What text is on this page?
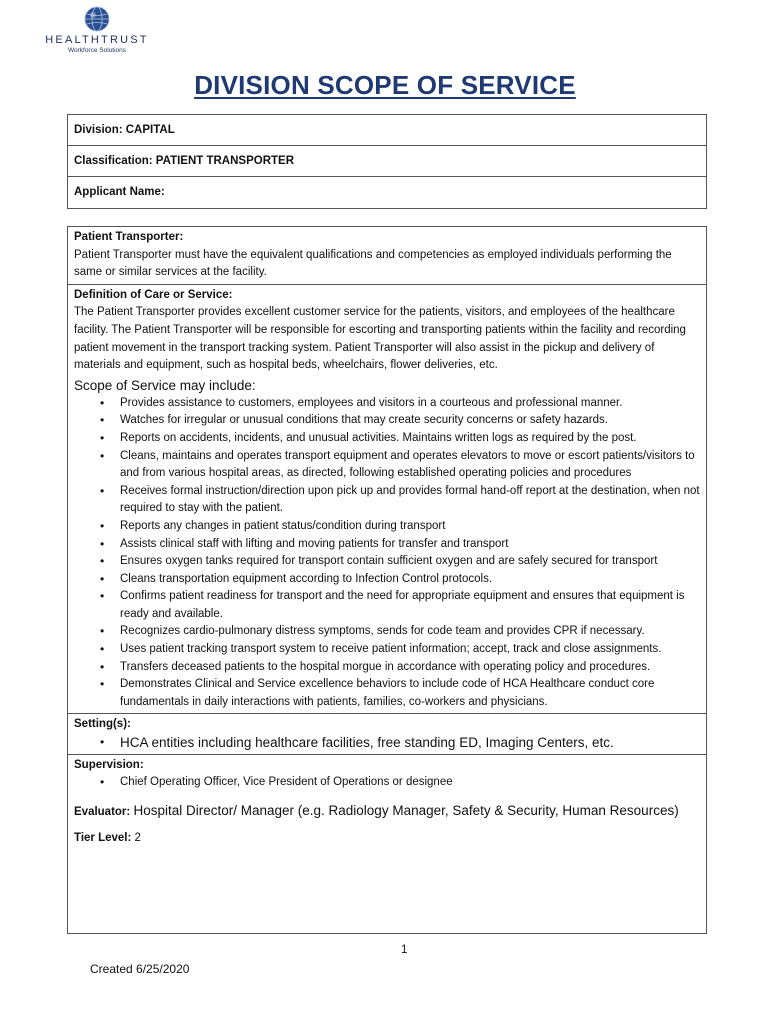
HEALTHTRUST
Workforce Solutions
DIVISION SCOPE OF SERVICE
Division: CAPITAL
Classification: PATIENT TRANSPORTER
Applicant Name:
Patient Transporter:
Patient Transporter must have the equivalent qualifications and competencies as employed individuals performing the same or similar services at the facility.
Definition of Care or Service:
The Patient Transporter provides excellent customer service for the patients, visitors, and employees of the healthcare facility. The Patient Transporter will be responsible for escorting and transporting patients within the facility and recording patient movement in the transport tracking system. Patient Transporter will also assist in the pickup and delivery of materials and equipment, such as hospital beds, wheelchairs, flower deliveries, etc.
Scope of Service may include:
• Provides assistance to customers, employees and visitors in a courteous and professional manner.
• Watches for irregular or unusual conditions that may create security concerns or safety hazards.
• Reports on accidents, incidents, and unusual activities. Maintains written logs as required by the post.
• Cleans, maintains and operates transport equipment and operates elevators to move or escort patients/visitors to and from various hospital areas, as directed, following established operating policies and procedures
• Receives formal instruction/direction upon pick up and provides formal hand-off report at the destination, when not required to stay with the patient.
• Reports any changes in patient status/condition during transport
• Assists clinical staff with lifting and moving patients for transfer and transport
• Ensures oxygen tanks required for transport contain sufficient oxygen and are safely secured for transport
• Cleans transportation equipment according to Infection Control protocols.
• Confirms patient readiness for transport and the need for appropriate equipment and ensures that equipment is ready and available.
• Recognizes cardio-pulmonary distress symptoms, sends for code team and provides CPR if necessary.
• Uses patient tracking transport system to receive patient information; accept, track and close assignments.
• Transfers deceased patients to the hospital morgue in accordance with operating policy and procedures.
• Demonstrates Clinical and Service excellence behaviors to include code of HCA Healthcare conduct core fundamentals in daily interactions with patients, families, co-workers and physicians.
Setting(s):
• HCA entities including healthcare facilities, free standing ED, Imaging Centers, etc.
Supervision:
• Chief Operating Officer, Vice President of Operations or designee
Evaluator: Hospital Director/ Manager (e.g. Radiology Manager, Safety & Security, Human Resources)
Tier Level: 2
1
Created 6/25/2020
